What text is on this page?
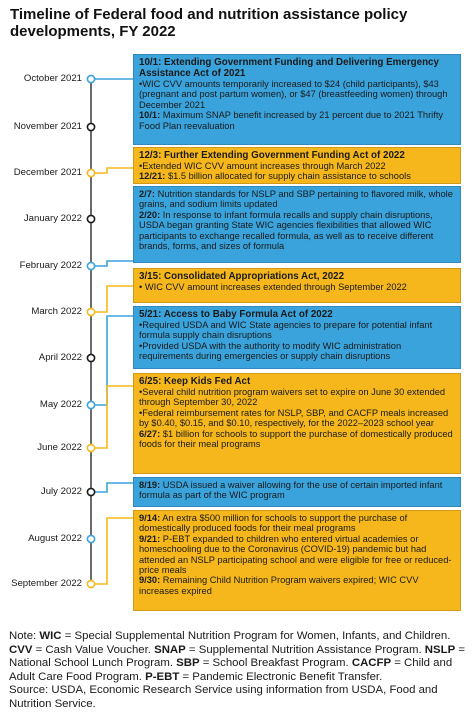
Timeline of Federal food and nutrition assistance policy developments, FY 2022
October 2021
November 2021
December 2021
January 2022
February 2022
March 2022
April 2022
May 2022
June 2022
July 2022
August 2022
September 2022
10/1: Extending Government Funding and Delivering Emergency Assistance Act of 2021
•WIC CVV amounts temporarily increased to $24 (child participants), $43 (pregnant and post partum women), or $47 (breastfeeding women) through December 2021
10/1: Maximum SNAP benefit increased by 21 percent due to 2021 Thrifty Food Plan reevaluation
12/3: Further Extending Government Funding Act of 2022
•Extended WIC CVV amount increases through March 2022
12/21: $1.5 billion allocated for supply chain assistance to schools
2/7: Nutrition standards for NSLP and SBP pertaining to flavored milk, whole grains, and sodium limits updated
2/20: In response to infant formula recalls and supply chain disruptions, USDA began granting State WIC agencies flexibilities that allowed WIC participants to exchange recalled formula, as well as to receive different brands, forms, and sizes of formula
3/15: Consolidated Appropriations Act, 2022
• WIC CVV amount increases extended through September 2022
5/21: Access to Baby Formula Act of 2022
•Required USDA and WIC State agencies to prepare for potential infant formula supply chain disruptions
•Provided USDA with the authority to modify WIC administration requirements during emergencies or supply chain disruptions
6/25: Keep Kids Fed Act
•Several child nutrition program waivers set to expire on June 30 extended through September 30, 2022
•Federal reimbursement rates for NSLP, SBP, and CACFP meals increased by $0.40, $0.15, and $0.10, respectively, for the 2022–2023 school year
6/27: $1 billion for schools to support the purchase of domestically produced foods for their meal programs
8/19: USDA issued a waiver allowing for the use of certain imported infant formula as part of the WIC program
9/14: An extra $500 million for schools to support the purchase of domestically produced foods for their meal programs
9/21: P-EBT expanded to children who entered virtual academies or homeschooling due to the Coronavirus (COVID-19) pandemic but had attended an NSLP participating school and were eligible for free or reduced-price meals
9/30: Remaining Child Nutrition Program waivers expired; WIC CVV increases expired
Note: WIC = Special Supplemental Nutrition Program for Women, Infants, and Children. CVV = Cash Value Voucher. SNAP = Supplemental Nutrition Assistance Program. NSLP = National School Lunch Program. SBP = School Breakfast Program. CACFP = Child and Adult Care Food Program. P-EBT = Pandemic Electronic Benefit Transfer.
Source: USDA, Economic Research Service using information from USDA, Food and Nutrition Service.
